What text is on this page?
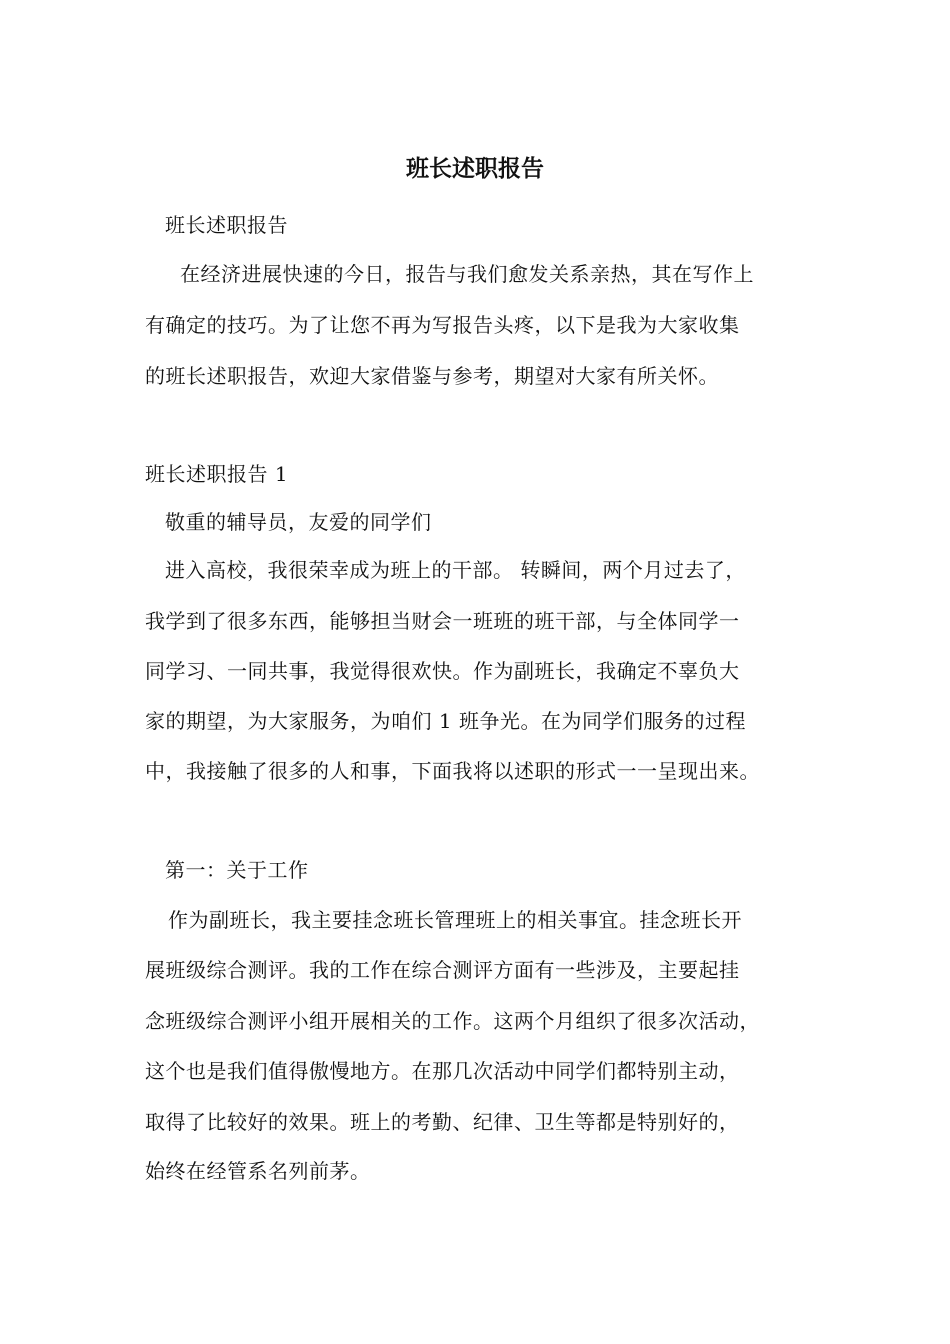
班长述职报告
班长述职报告
在经济进展快速的今日，报告与我们愈发关系亲热，其在写作上
有确定的技巧。为了让您不再为写报告头疼，以下是我为大家收集
的班长述职报告，欢迎大家借鉴与参考，期望对大家有所关怀。
班长述职报告 1
敬重的辅导员，友爱的同学们
进入高校，我很荣幸成为班上的干部。 转瞬间，两个月过去了，
我学到了很多东西，能够担当财会一班班的班干部，与全体同学一
同学习、一同共事，我觉得很欢快。作为副班长，我确定不辜负大
家的期望，为大家服务，为咱们 1 班争光。在为同学们服务的过程
中，我接触了很多的人和事，下面我将以述职的形式一一呈现出来。
第一：关于工作
作为副班长，我主要挂念班长管理班上的相关事宜。挂念班长开
展班级综合测评。我的工作在综合测评方面有一些涉及，主要起挂
念班级综合测评小组开展相关的工作。这两个月组织了很多次活动，
这个也是我们值得傲慢地方。在那几次活动中同学们都特别主动，
取得了比较好的效果。班上的考勤、纪律、卫生等都是特别好的，
始终在经管系名列前茅。
